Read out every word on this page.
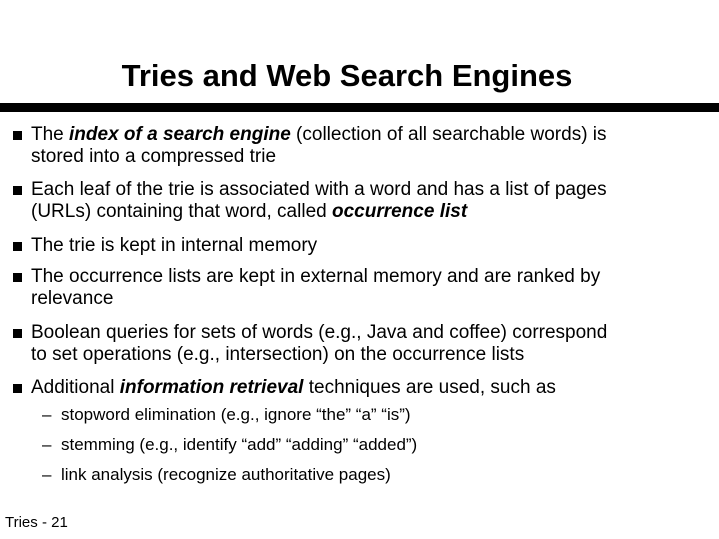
Tries and Web Search Engines
The index of a search engine (collection of all searchable words) is
stored into a compressed trie
Each leaf of the trie is associated with a word and has a list of pages
(URLs) containing that word, called occurrence list
The trie is kept in internal memory
The occurrence lists are kept in external memory and are ranked by
relevance
Boolean queries for sets of words (e.g., Java and coffee) correspond
to set operations (e.g., intersection) on the occurrence lists
Additional information retrieval techniques are used, such as
– stopword elimination (e.g., ignore “the” “a” “is”)
– stemming (e.g., identify “add” “adding” “added”)
– link analysis (recognize authoritative pages)
Tries - 21
